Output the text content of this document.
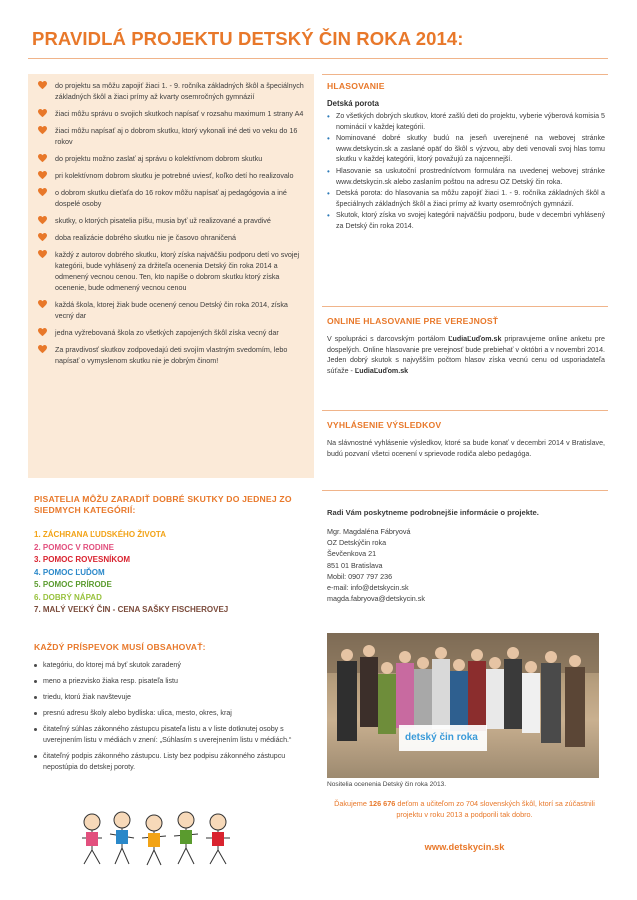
PRAVIDLÁ PROJEKTU DETSKÝ ČIN ROKA 2014:
do projektu sa môžu zapojiť žiaci 1. - 9. ročníka základných škôl a špeciálnych základných škôl a žiaci prímy až kvarty osemročných gymnázií
žiaci môžu správu o svojich skutkoch napísať v rozsahu maximum 1 strany A4
žiaci môžu napísať aj o dobrom skutku, ktorý vykonali iné deti vo veku do 16 rokov
do projektu možno zaslať aj správu o kolektívnom dobrom skutku
pri kolektívnom dobrom skutku je potrebné uviesť, koľko detí ho realizovalo
o dobrom skutku dieťaťa do 16 rokov môžu napísať aj pedagógovia a iné dospelé osoby
skutky, o ktorých pisatelia píšu, musia byť už realizované a pravdivé
doba realizácie dobrého skutku nie je časovo ohraničená
každý z autorov dobrého skutku, ktorý získa najväčšiu podporu detí vo svojej kategórii, bude vyhlásený za držiteľa ocenenia Detský čin roka 2014 a odmenený vecnou cenou. Ten, kto napíše o dobrom skutku ktorý získa ocenenie, bude odmenený vecnou cenou
každá škola, ktorej žiak bude ocenený cenou Detský čin roka 2014, získa vecný dar
jedna vyžrebovaná škola zo všetkých zapojených škôl získa vecný dar
Za pravdivosť skutkov zodpovedajú deti svojím vlastným svedomím, lebo napísať o vymyslenom skutku nie je dobrým činom!
PISATELIA MÔŽU ZARADIŤ DOBRÉ SKUTKY DO JEDNEJ ZO SIEDMYCH KATEGÓRIÍ:
1. ZÁCHRANA ĽUDSKÉHO ŽIVOTA
2. POMOC V RODINE
3. POMOC ROVESNÍKOM
4. POMOC ĽUĎOM
5. POMOC PRÍRODE
6. DOBRÝ NÁPAD
7. MALÝ VEĽKÝ ČIN - CENA SAŠKY FISCHEROVEJ
KAŽDÝ PRÍSPEVOK MUSÍ OBSAHOVAŤ:
kategóriu, do ktorej má byť skutok zaradený
meno a priezvisko žiaka resp. pisateľa listu
triedu, ktorú žiak navštevuje
presnú adresu školy alebo bydliska: ulica, mesto, okres, kraj
čitateľný súhlas zákonného zástupcu pisateľa listu a v liste dotknutej osoby s uverejnením listu v médiách v znení: „Súhlasím s uverejnením listu v médiách.“
čitateľný podpis zákonného zástupcu. Listy bez podpisu zákonného zástupcu nepostúpia do detskej poroty.
HLASOVANIE
Detská porota
• Zo všetkých dobrých skutkov, ktoré zašlú deti do projektu, vyberie výberová komisia 5 nominácií v každej kategórii.
• Nominované dobré skutky budú na jeseň uverejnené na webovej stránke www.detskycin.sk a zaslané opäť do škôl s výzvou, aby deti venovali svoj hlas tomu skutku v každej kategórii, ktorý považujú za najcennejší.
• Hlasovanie sa uskutoční prostredníctvom formulára na uvedenej webovej stránke www.detskycin.sk alebo zaslaním poštou na adresu OZ Detský čin roka.
• Detská porota: do hlasovania sa môžu zapojiť žiaci 1. - 9. ročníka základných škôl a špeciálnych základných škôl a žiaci prímy až kvarty osemročných gymnázií.
• Skutok, ktorý získa vo svojej kategórii najväčšiu podporu, bude v decembri vyhlásený za Detský čin roka 2014.
ONLINE HLASOVANIE PRE VEREJNOSŤ
V spolupráci s darcovským portálom ĽudiaĽuďom.sk pripravujeme online anketu pre dospelých. Online hlasovanie pre verejnosť bude prebiehať v októbri a v novembri 2014. Jeden dobrý skutok s najvyšším počtom hlasov získa vecnú cenu od usporiadateľa súťaže - ĽudiaĽuďom.sk
VYHLÁSENIE VÝSLEDKOV
Na slávnostné vyhlásenie výsledkov, ktoré sa bude konať v decembri 2014 v Bratislave, budú pozvaní všetci ocenení v sprievode rodiča alebo pedagóga.
Radi Vám poskytneme podrobnejšie informácie o projekte.
Mgr. Magdaléna Fábryová
OZ Detskýčin roka
Ševčenkova 21
851 01 Bratislava
Mobil: 0907 797 236
e-mail: info@detskycin.sk
magda.fabryova@detskycin.sk
detský čin roka
Nositelia ocenenia Detský čin roka 2013.
Ďakujeme 126 676 deťom a učiteľom zo 704 slovenských škôl, ktorí sa zúčastnili projektu v roku 2013 a podporili tak dobro.
www.detskycin.sk
